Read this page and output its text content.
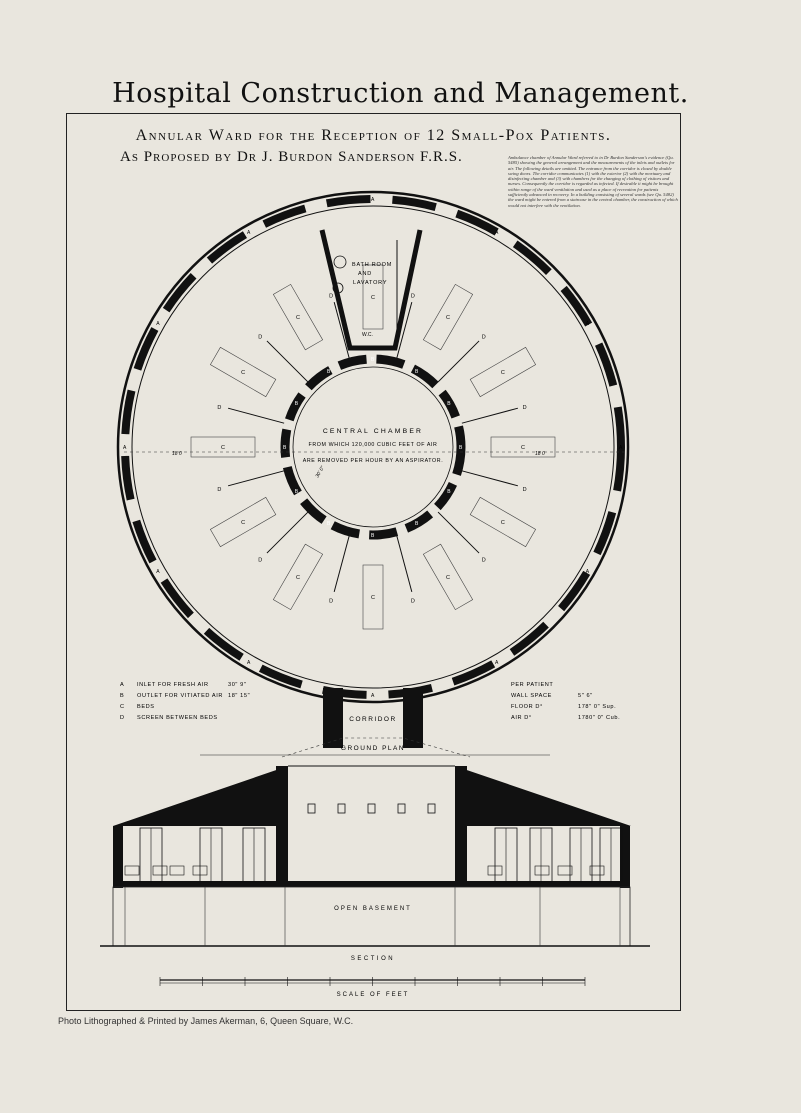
Hospital Construction and Management.
Annular Ward for the Reception of 12 Small-Pox Patients.
As Proposed by Dr J. Burdon Sanderson F.R.S.	Ambulance chamber of Annular Ward referred to in Dr Burdon Sanderson's evidence (Qu. 5485) showing the general arrangement and the measurements of the inlets and outlets for air. The following details are omitted. The entrance from the corridor is closed by double swing doors. The corridor communicates (1) with the exterior (2) with the mortuary and disinfecting chamber and (3) with chambers for the changing of clothing of visitors and nurses. Consequently the corridor is regarded as infected. If desirable it might be brought within range of the ward ventilation and used as a place of recreation for patients sufficiently advanced in recovery. In a building consisting of several wards (see Qu. 5482) the ward might be entered from a staircase in the central chamber, the construction of which would not interfere with the ventilation.
D
D
D
D
D
D
D
D
D	D
D
D
C	A
B
C
A
B
C
A
B
C
A
B
C
A
B
C
A
B
C
A	B
C
A
B
C
A
B
C
A
B
C
A
B	C
A
B
BATH ROOM AND LAVATORY
W.C.
CENTRAL CHAMBER
FROM WHICH 120,000 CUBIC FEET OF AIR
ARE REMOVED PER HOUR BY AN ASPIRATOR.
18 0	18 0
30' 0"
CORRIDOR
GROUND PLAN
A INLET FOR FRESH AIR	30" 9"
B OUTLET FOR VITIATED AIR 18" 15"
C BEDS
D SCREEN BETWEEN BEDS
PER PATIENT
WALL SPACE	5" 6"
FLOOR D°	178" 0" Sup.
AIR D°	1780" 0" Cub.
OPEN BASEMENT
SECTION
SCALE OF FEET
Photo Lithographed & Printed by James Akerman, 6, Queen Square, W.C.
